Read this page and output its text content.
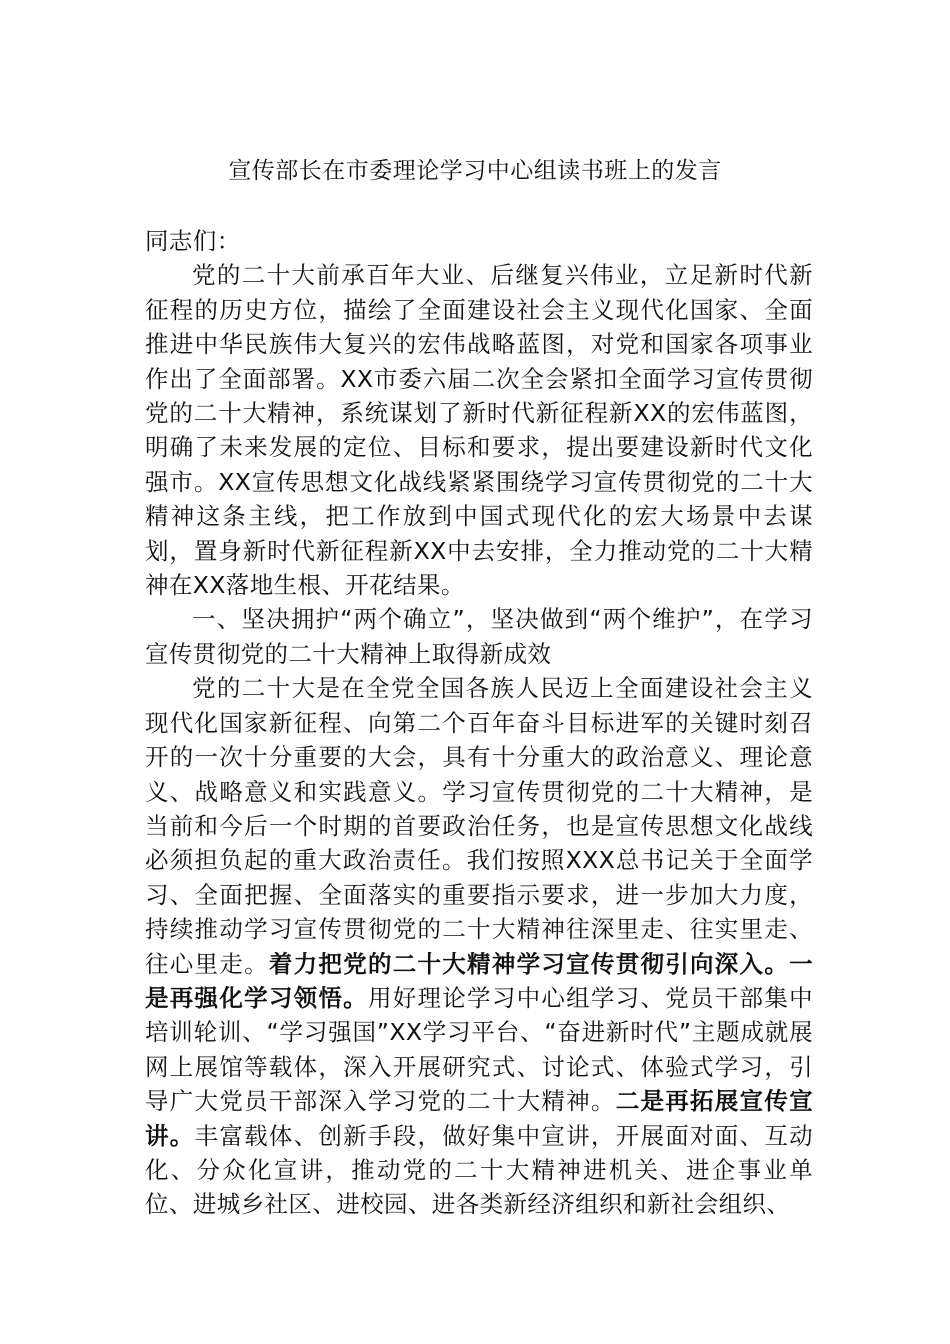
宣传部长在市委理论学习中心组读书班上的发言

同志们：

党的二十大前承百年大业、后继复兴伟业，立足新时代新征程的历史方位，描绘了全面建设社会主义现代化国家、全面推进中华民族伟大复兴的宏伟战略蓝图，对党和国家各项事业作出了全面部署。XX市委六届二次全会紧扣全面学习宣传贯彻党的二十大精神，系统谋划了新时代新征程新XX的宏伟蓝图，明确了未来发展的定位、目标和要求，提出要建设新时代文化强市。XX宣传思想文化战线紧紧围绕学习宣传贯彻党的二十大精神这条主线，把工作放到中国式现代化的宏大场景中去谋划，置身新时代新征程新XX中去安排，全力推动党的二十大精神在XX落地生根、开花结果。

一、坚决拥护“两个确立”，坚决做到“两个维护”，在学习宣传贯彻党的二十大精神上取得新成效

党的二十大是在全党全国各族人民迈上全面建设社会主义现代化国家新征程、向第二个百年奋斗目标进军的关键时刻召开的一次十分重要的大会，具有十分重大的政治意义、理论意义、战略意义和实践意义。学习宣传贯彻党的二十大精神，是当前和今后一个时期的首要政治任务，也是宣传思想文化战线必须担负起的重大政治责任。我们按照XXX总书记关于全面学习、全面把握、全面落实的重要指示要求，进一步加大力度，持续推动学习宣传贯彻党的二十大精神往深里走、往实里走、往心里走。着力把党的二十大精神学习宣传贯彻引向深入。一是再强化学习领悟。用好理论学习中心组学习、党员干部集中培训轮训、“学习强国”XX学习平台、“奋进新时代”主题成就展网上展馆等载体，深入开展研究式、讨论式、体验式学习，引导广大党员干部深入学习党的二十大精神。二是再拓展宣传宣讲。丰富载体、创新手段，做好集中宣讲，开展面对面、互动化、分众化宣讲，推动党的二十大精神进机关、进企事业单位、进城乡社区、进校园、进各类新经济组织和新社会组织、
